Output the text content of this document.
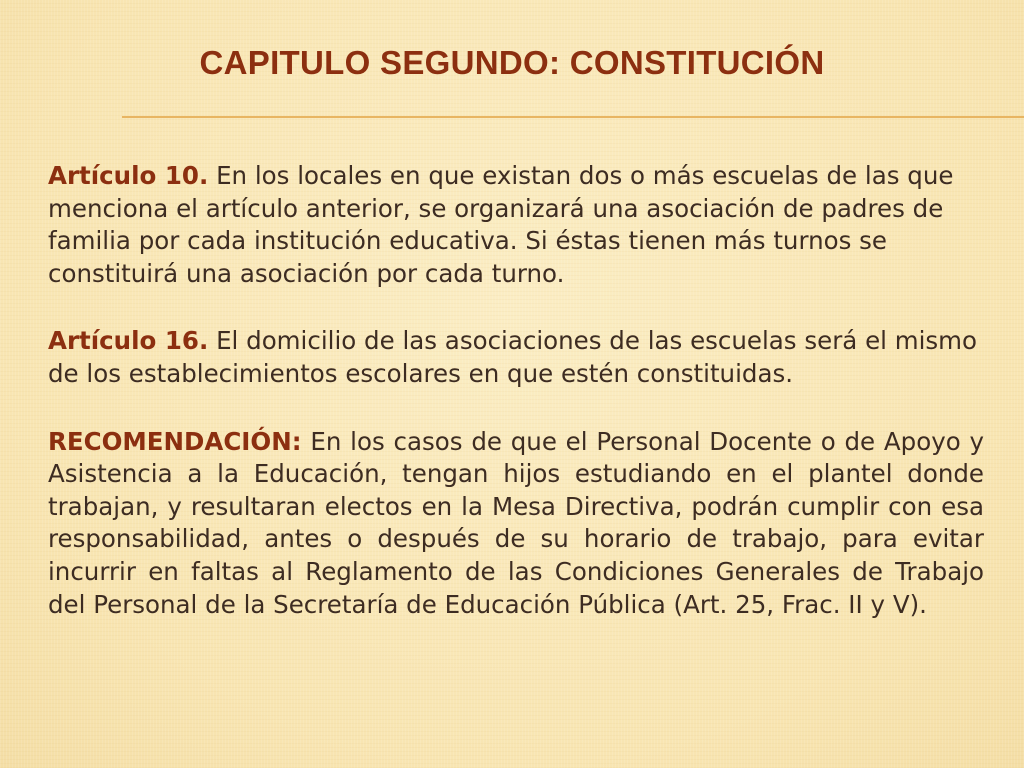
CAPITULO SEGUNDO: CONSTITUCIÓN

Artículo 10. En los locales en que existan dos o más escuelas de las que menciona el artículo anterior, se organizará una asociación de padres de familia por cada institución educativa. Si éstas tienen más turnos se constituirá una asociación por cada turno.

Artículo 16. El domicilio de las asociaciones de las escuelas será el mismo de los establecimientos escolares en que estén constituidas.

RECOMENDACIÓN: En los casos de que el Personal Docente o de Apoyo y Asistencia a la Educación, tengan hijos estudiando en el plantel donde trabajan, y resultaran electos en la Mesa Directiva, podrán cumplir con esa responsabilidad, antes o después de su horario de trabajo, para evitar incurrir en faltas al Reglamento de las Condiciones Generales de Trabajo del Personal de la Secretaría de Educación Pública (Art. 25, Frac. II y V).
